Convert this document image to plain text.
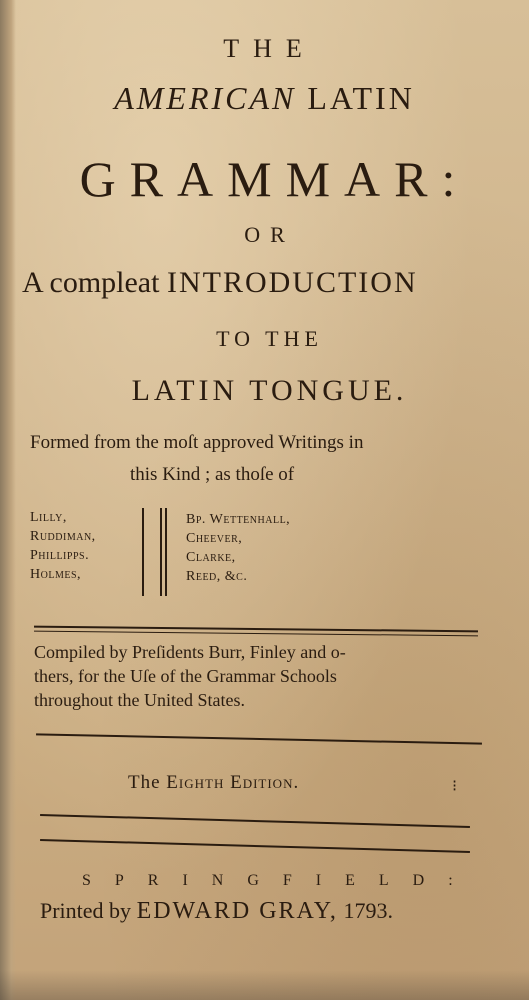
THE
AMERICAN LATIN
GRAMMAR:
OR
A compleat INTRODUCTION
TO THE
LATIN TONGUE.
Formed from the moſt approved Writings in
this Kind ; as thoſe of
Lilly,
Ruddiman,
Phillipps.
Holmes,
Bp. Wettenhall,
Cheever,
Clarke,
Reed, &c.
Compiled by Preſidents Burr, Finley and o-
thers, for the Uſe of the Grammar Schools
throughout the United States.
The Eighth Edition.	⁝
SPRINGFIELD:
Printed by EDWARD GRAY, 1793.
